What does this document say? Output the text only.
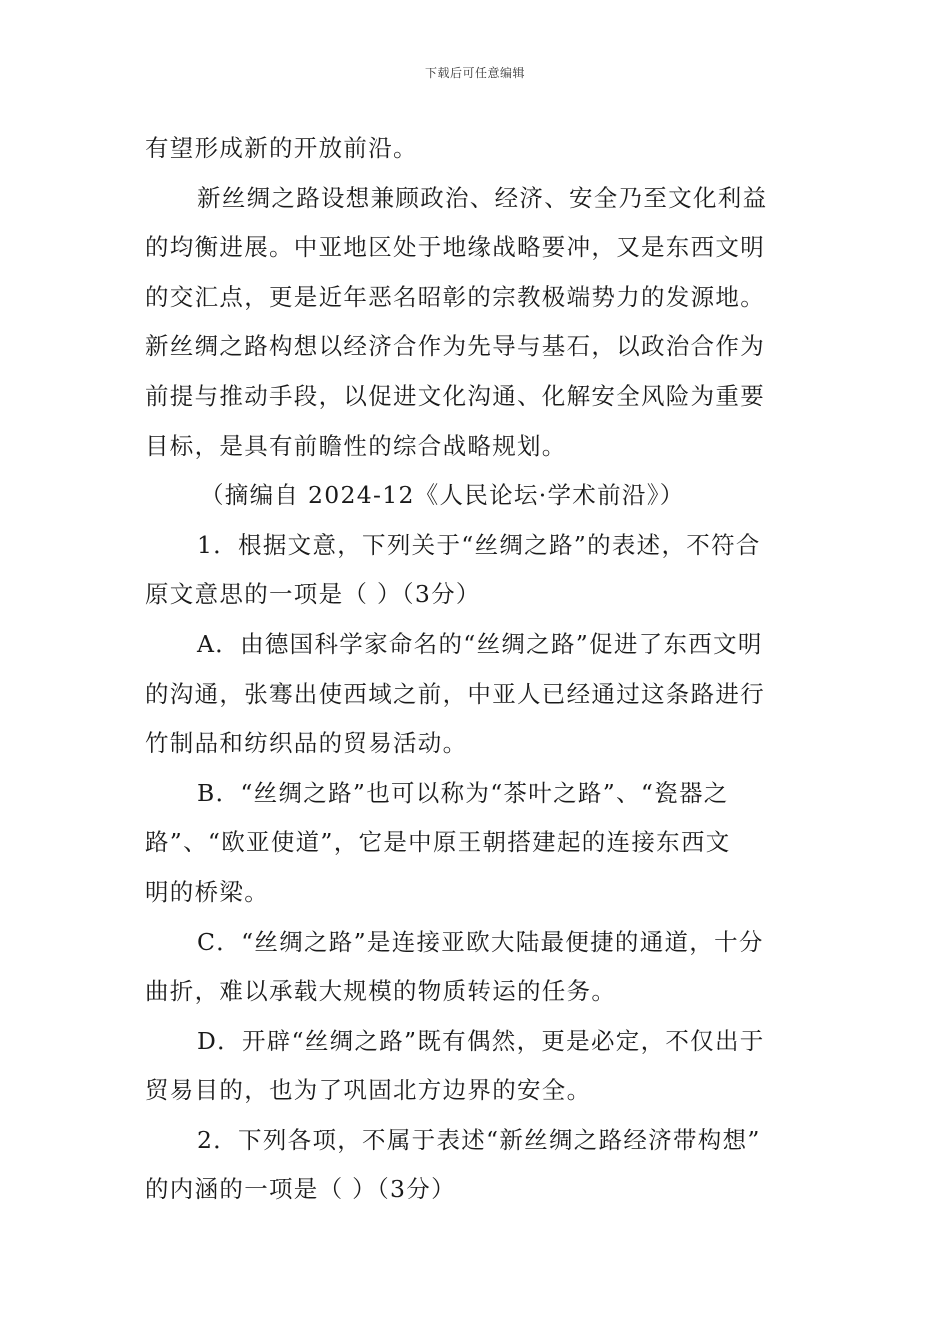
下载后可任意编辑
有望形成新的开放前沿。
新丝绸之路设想兼顾政治、经济、安全乃至文化利益
的均衡进展。中亚地区处于地缘战略要冲，又是东西文明
的交汇点，更是近年恶名昭彰的宗教极端势力的发源地。
新丝绸之路构想以经济合作为先导与基石，以政治合作为
前提与推动手段，以促进文化沟通、化解安全风险为重要
目标，是具有前瞻性的综合战略规划。
（摘编自 2024-12《人民论坛·学术前沿》）
1．根据文意，下列关于“丝绸之路”的表述，不符合
原文意思的一项是（ ）（3分）
A．由德国科学家命名的“丝绸之路”促进了东西文明
的沟通，张骞出使西域之前，中亚人已经通过这条路进行
竹制品和纺织品的贸易活动。
B．“丝绸之路”也可以称为“茶叶之路”、“瓷器之
路”、“欧亚使道”，它是中原王朝搭建起的连接东西文
明的桥梁。
C．“丝绸之路”是连接亚欧大陆最便捷的通道，十分
曲折，难以承载大规模的物质转运的任务。
D．开辟“丝绸之路”既有偶然，更是必定，不仅出于
贸易目的，也为了巩固北方边界的安全。
2．下列各项，不属于表述“新丝绸之路经济带构想”
的内涵的一项是（ ）（3分）
